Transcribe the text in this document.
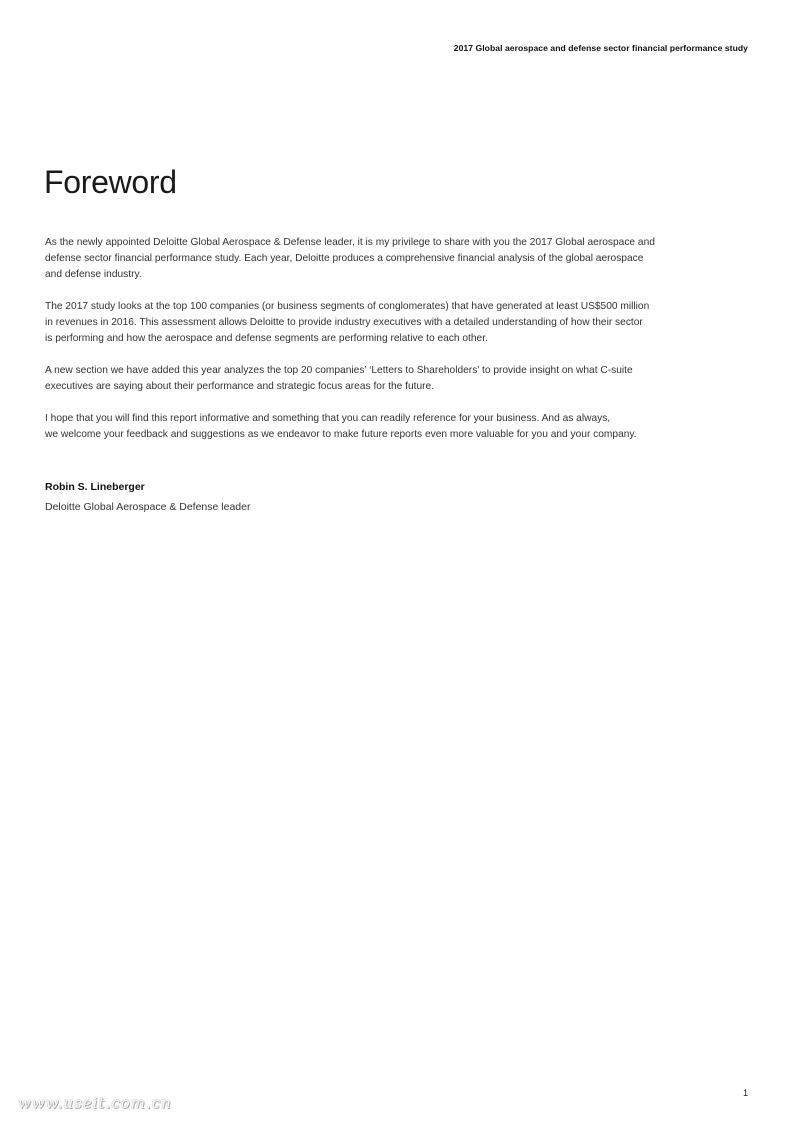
2017 Global aerospace and defense sector financial performance study
Foreword

As the newly appointed Deloitte Global Aerospace & Defense leader, it is my privilege to share with you the 2017 Global aerospace and
defense sector financial performance study. Each year, Deloitte produces a comprehensive financial analysis of the global aerospace
and defense industry.

The 2017 study looks at the top 100 companies (or business segments of conglomerates) that have generated at least US$500 million
in revenues in 2016. This assessment allows Deloitte to provide industry executives with a detailed understanding of how their sector
is performing and how the aerospace and defense segments are performing relative to each other.

A new section we have added this year analyzes the top 20 companies’ ‘Letters to Shareholders’ to provide insight on what C-suite
executives are saying about their performance and strategic focus areas for the future.

I hope that you will find this report informative and something that you can readily reference for your business. And as always,
we welcome your feedback and suggestions as we endeavor to make future reports even more valuable for you and your company.

Robin S. Lineberger
Deloitte Global Aerospace & Defense leader
1
www.useit.com.cn
